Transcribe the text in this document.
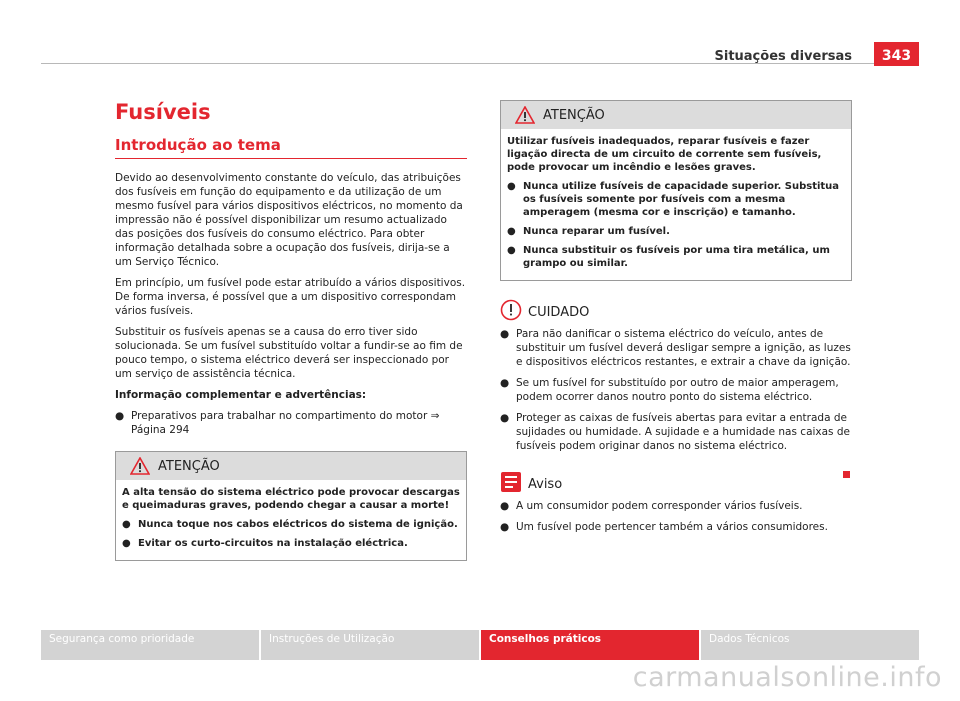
Situações diversas	343
Fusíveis
Introdução ao tema

Devido ao desenvolvimento constante do veículo, das atribuições dos fusíveis em função do equipamento e da utilização de um mesmo fusível para vários dispositivos eléctricos, no momento da impressão não é possível disponibilizar um resumo actualizado das posições dos fusíveis do consumo eléctrico. Para obter informação detalhada sobre a ocupação dos fusíveis, dirija-se a um Serviço Técnico.

Em princípio, um fusível pode estar atribuído a vários dispositivos. De forma inversa, é possível que a um dispositivo correspondam vários fusíveis.

Substituir os fusíveis apenas se a causa do erro tiver sido solucionada. Se um fusível substituído voltar a fundir-se ao fim de pouco tempo, o sistema eléctrico deverá ser inspeccionado por um serviço de assistência técnica.

Informação complementar e advertências:

● Preparativos para trabalhar no compartimento do motor ⇒ Página 294
ATENÇÃO

A alta tensão do sistema eléctrico pode provocar descargas e queimaduras graves, podendo chegar a causar a morte!

● Nunca toque nos cabos eléctricos do sistema de ignição.
● Evitar os curto-circuitos na instalação eléctrica.
ATENÇÃO

Utilizar fusíveis inadequados, reparar fusíveis e fazer ligação directa de um circuito de corrente sem fusíveis, pode provocar um incêndio e lesões graves.

● Nunca utilize fusíveis de capacidade superior. Substitua os fusíveis somente por fusíveis com a mesma amperagem (mesma cor e inscrição) e tamanho.
● Nunca reparar um fusível.
● Nunca substituir os fusíveis por uma tira metálica, um grampo ou similar.
CUIDADO
● Para não danificar o sistema eléctrico do veículo, antes de substituir um fusível deverá desligar sempre a ignição, as luzes e dispositivos eléctricos restantes, e extrair a chave da ignição.
● Se um fusível for substituído por outro de maior amperagem, podem ocorrer danos noutro ponto do sistema eléctrico.
● Proteger as caixas de fusíveis abertas para evitar a entrada de sujidades ou humidade. A sujidade e a humidade nas caixas de fusíveis podem originar danos no sistema eléctrico.
Aviso
● A um consumidor podem corresponder vários fusíveis.
● Um fusível pode pertencer também a vários consumidores.
Segurança como prioridade	Instruções de Utilização	Conselhos práticos	Dados Técnicos
carmanualsonline.info
